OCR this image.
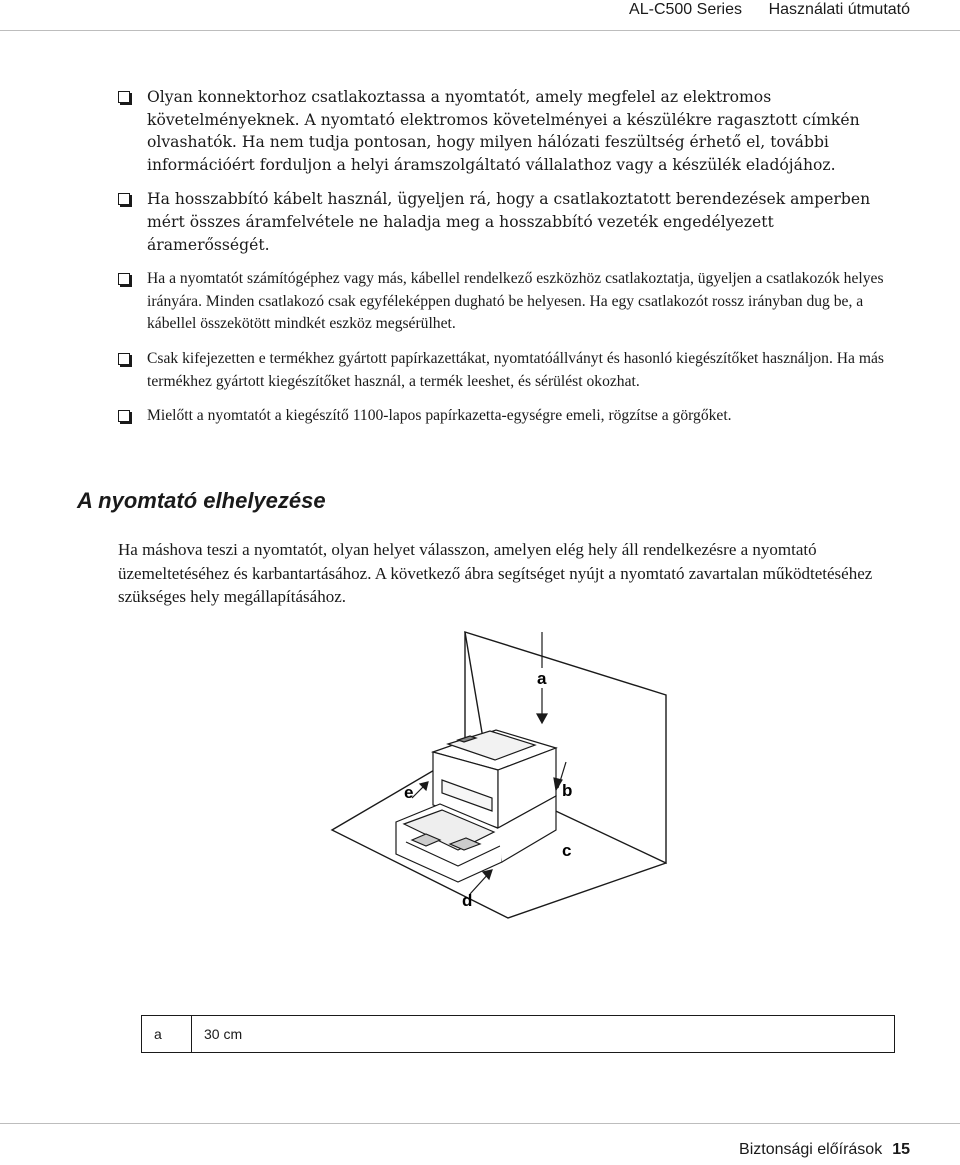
AL-C500 Series Használati útmutató
Olyan konnektorhoz csatlakoztassa a nyomtatót, amely megfelel az elektromos követelményeknek. A nyomtató elektromos követelményei a készülékre ragasztott címkén olvashatók. Ha nem tudja pontosan, hogy milyen hálózati feszültség érhető el, további információért forduljon a helyi áramszolgáltató vállalathoz vagy a készülék eladójához.
Ha hosszabbító kábelt használ, ügyeljen rá, hogy a csatlakoztatott berendezések amperben mért összes áramfelvétele ne haladja meg a hosszabbító vezeték engedélyezett áramerősségét.
Ha a nyomtatót számítógéphez vagy más, kábellel rendelkező eszközhöz csatlakoztatja, ügyeljen a csatlakozók helyes irányára. Minden csatlakozó csak egyféleképpen dugható be helyesen. Ha egy csatlakozót rossz irányban dug be, a kábellel összekötött mindkét eszköz megsérülhet.
Csak kifejezetten e termékhez gyártott papírkazettákat, nyomtatóállványt és hasonló kiegészítőket használjon. Ha más termékhez gyártott kiegészítőket használ, a termék leeshet, és sérülést okozhat.
Mielőtt a nyomtatót a kiegészítő 1100-lapos papírkazetta-egységre emeli, rögzítse a görgőket.
A nyomtató elhelyezése

Ha máshova teszi a nyomtatót, olyan helyet válasszon, amelyen elég hely áll rendelkezésre a nyomtató üzemeltetéséhez és karbantartásához. A következő ábra segítséget nyújt a nyomtató zavartalan működtetéséhez szükséges hely megállapításához.

a
b
c
d
e
a	30 cm
Biztonsági előírások 15
